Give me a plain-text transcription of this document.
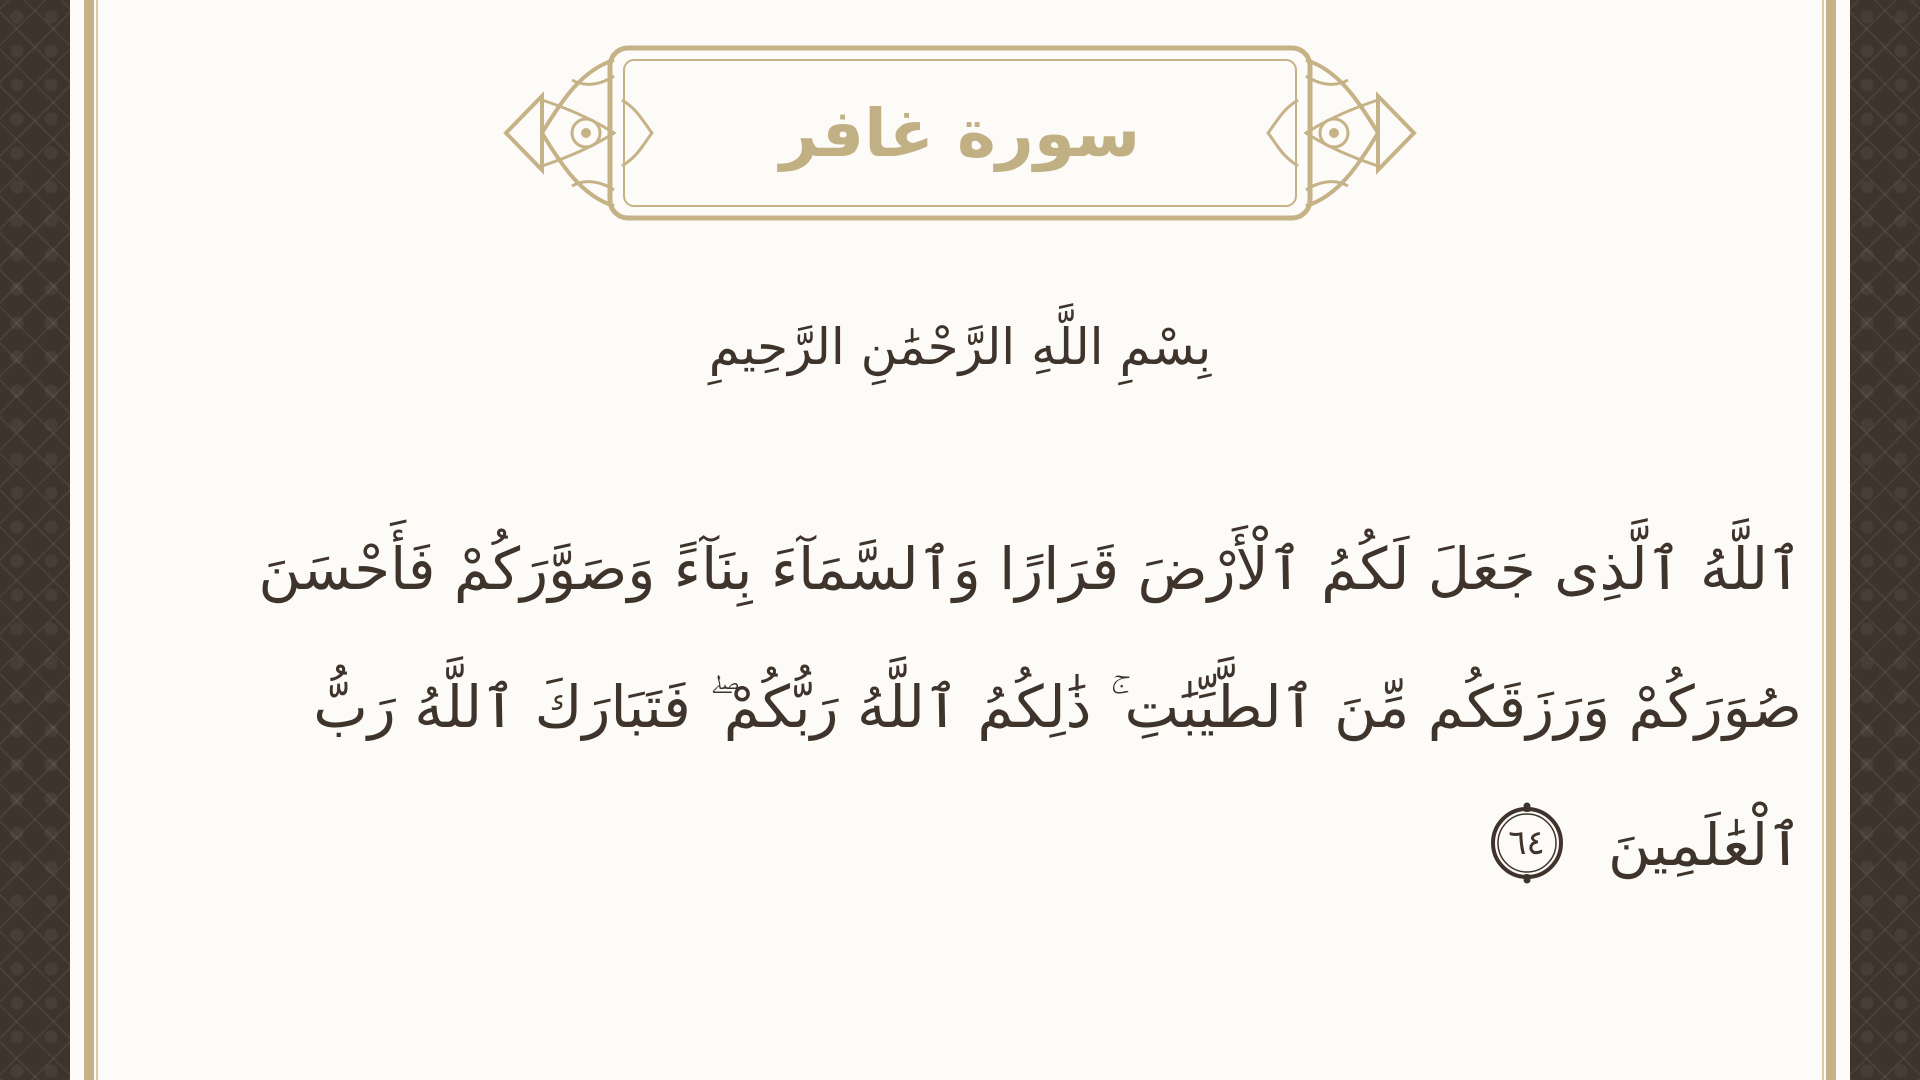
سورة غافر
بِسْمِ اللَّهِ الرَّحْمَٰنِ الرَّحِيمِ
ٱللَّهُ ٱلَّذِى جَعَلَ لَكُمُ ٱلْأَرْضَ قَرَارًا وَٱلسَّمَآءَ بِنَآءً وَصَوَّرَكُمْ فَأَحْسَنَ صُوَرَكُمْ وَرَزَقَكُم مِّنَ ٱلطَّيِّبَٰتِ ۚ ذَٰلِكُمُ ٱللَّهُ رَبُّكُمْ ۖ فَتَبَارَكَ ٱللَّهُ رَبُّ ٱلْعَٰلَمِينَ
٦٤
